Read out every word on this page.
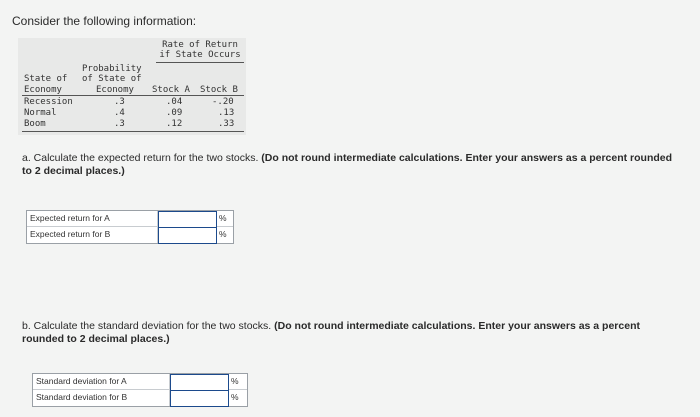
Consider the following information:
Rate of Return
if State Occurs
Probability
of State of
Economy
State of
Economy	Stock A Stock B
Recession	.3	.04	-.20
Normal	.4	.09	.13
Boom	.3	.12	.33
a. Calculate the expected return for the two stocks. (Do not round intermediate calculations. Enter your answers as a percent rounded to 2 decimal places.)
Expected return for A	%
Expected return for B	%
b. Calculate the standard deviation for the two stocks. (Do not round intermediate calculations. Enter your answers as a percent rounded to 2 decimal places.)
Standard deviation for A	%
Standard deviation for B	%
